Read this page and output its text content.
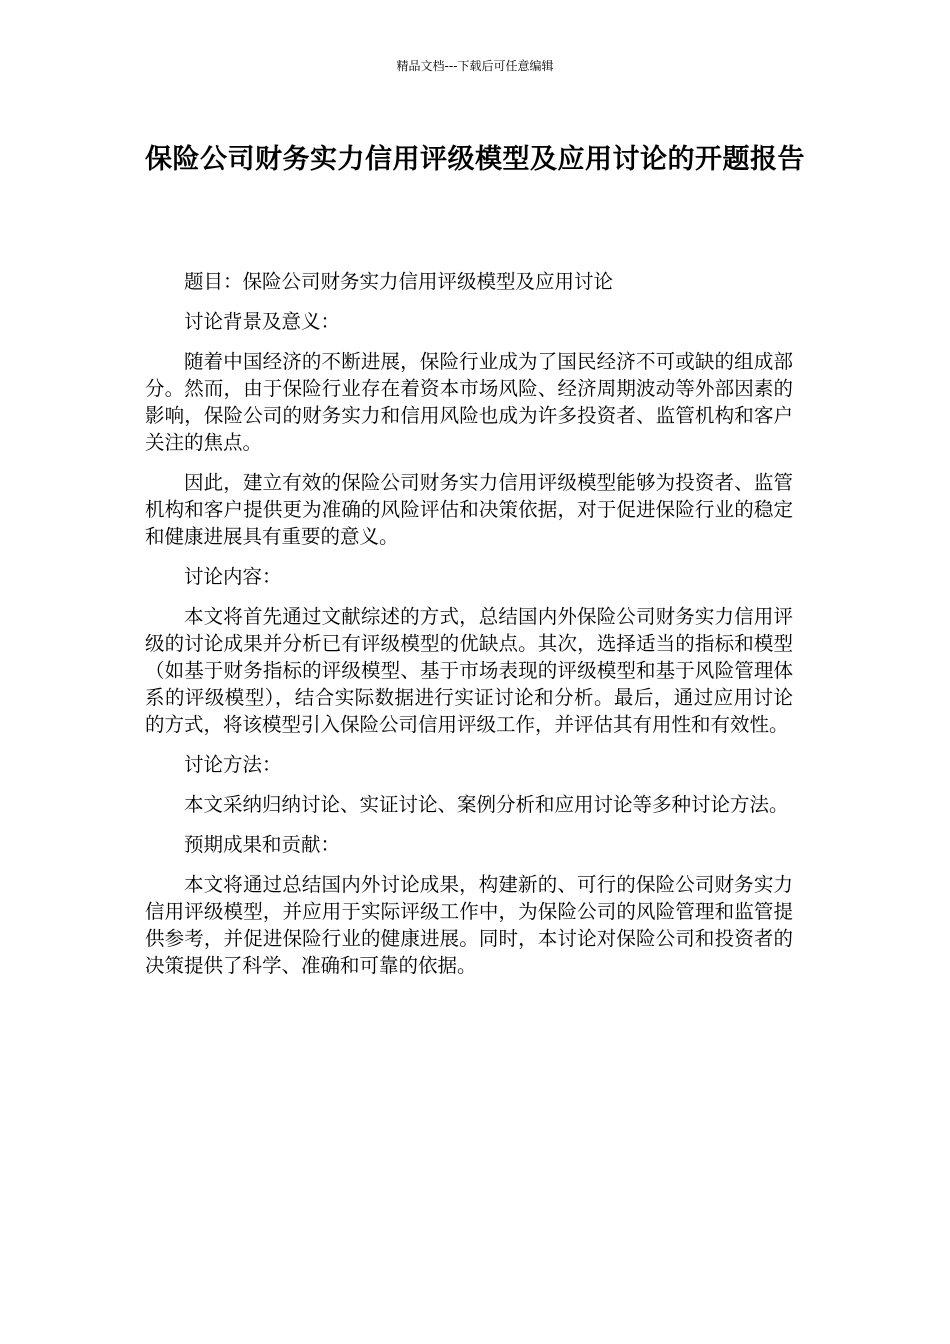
精品文档---下载后可任意编辑
保险公司财务实力信用评级模型及应用讨论的开题报告

题目：保险公司财务实力信用评级模型及应用讨论

讨论背景及意义：

随着中国经济的不断进展，保险行业成为了国民经济不可或缺的组成部分。然而，由于保险行业存在着资本市场风险、经济周期波动等外部因素的影响，保险公司的财务实力和信用风险也成为许多投资者、监管机构和客户关注的焦点。

因此，建立有效的保险公司财务实力信用评级模型能够为投资者、监管机构和客户提供更为准确的风险评估和决策依据，对于促进保险行业的稳定和健康进展具有重要的意义。

讨论内容：

本文将首先通过文献综述的方式，总结国内外保险公司财务实力信用评级的讨论成果并分析已有评级模型的优缺点。其次，选择适当的指标和模型（如基于财务指标的评级模型、基于市场表现的评级模型和基于风险管理体系的评级模型），结合实际数据进行实证讨论和分析。最后，通过应用讨论的方式，将该模型引入保险公司信用评级工作，并评估其有用性和有效性。

讨论方法：

本文采纳归纳讨论、实证讨论、案例分析和应用讨论等多种讨论方法。

预期成果和贡献：

本文将通过总结国内外讨论成果，构建新的、可行的保险公司财务实力信用评级模型，并应用于实际评级工作中，为保险公司的风险管理和监管提供参考，并促进保险行业的健康进展。同时，本讨论对保险公司和投资者的决策提供了科学、准确和可靠的依据。
